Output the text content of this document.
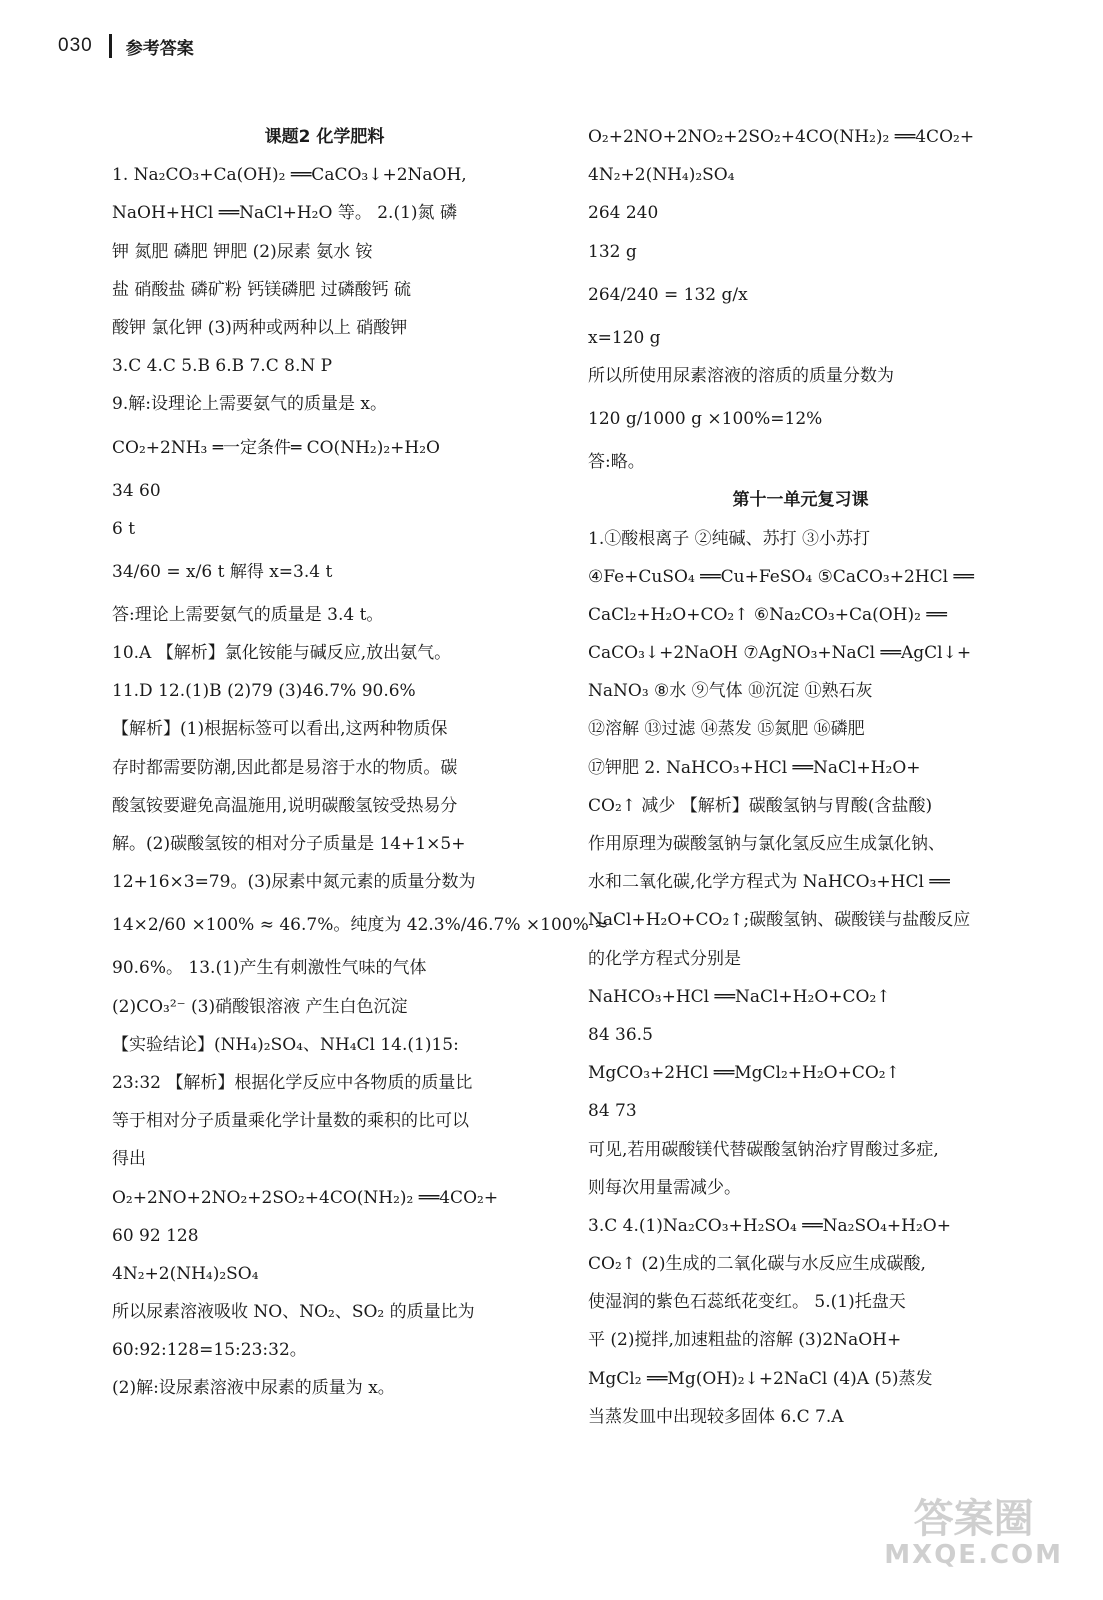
030 参考答案
课题2 化学肥料
1. Na₂CO₃+Ca(OH)₂ ══CaCO₃↓+2NaOH,
NaOH+HCl ══NaCl+H₂O 等。 2.(1)氮 磷
钾 氮肥 磷肥 钾肥 (2)尿素 氨水 铵
盐 硝酸盐 磷矿粉 钙镁磷肥 过磷酸钙 硫
酸钾 氯化钾 (3)两种或两种以上 硝酸钾
3.C 4.C 5.B 6.B 7.C 8.N P
9.解:设理论上需要氨气的质量是 x。
CO₂+2NH₃ ═一定条件═ CO(NH₂)₂+H₂O
34 60
6 t
34/60 = x/6 t 解得 x=3.4 t
答:理论上需要氨气的质量是 3.4 t。
10.A 【解析】氯化铵能与碱反应,放出氨气。
11.D 12.(1)B (2)79 (3)46.7% 90.6%
【解析】(1)根据标签可以看出,这两种物质保
存时都需要防潮,因此都是易溶于水的物质。碳
酸氢铵要避免高温施用,说明碳酸氢铵受热易分
解。(2)碳酸氢铵的相对分子质量是 14+1×5+
12+16×3=79。(3)尿素中氮元素的质量分数为
14×2/60 ×100% ≈ 46.7%。纯度为 42.3%/46.7% ×100% ≈
90.6%。 13.(1)产生有刺激性气味的气体
(2)CO₃²⁻ (3)硝酸银溶液 产生白色沉淀
【实验结论】(NH₄)₂SO₄、NH₄Cl 14.(1)15:
23:32 【解析】根据化学反应中各物质的质量比
等于相对分子质量乘化学计量数的乘积的比可以
得出
O₂+2NO+2NO₂+2SO₂+4CO(NH₂)₂ ══4CO₂+
60 92 128
4N₂+2(NH₄)₂SO₄
所以尿素溶液吸收 NO、NO₂、SO₂ 的质量比为
60:92:128=15:23:32。
(2)解:设尿素溶液中尿素的质量为 x。
O₂+2NO+2NO₂+2SO₂+4CO(NH₂)₂ ══4CO₂+
4N₂+2(NH₄)₂SO₄
264 240
132 g
264/240 = 132 g/x
x=120 g
所以所使用尿素溶液的溶质的质量分数为
120 g/1000 g ×100%=12%
答:略。
第十一单元复习课
1.①酸根离子 ②纯碱、苏打 ③小苏打
④Fe+CuSO₄ ══Cu+FeSO₄ ⑤CaCO₃+2HCl ══
CaCl₂+H₂O+CO₂↑ ⑥Na₂CO₃+Ca(OH)₂ ══
CaCO₃↓+2NaOH ⑦AgNO₃+NaCl ══AgCl↓+
NaNO₃ ⑧水 ⑨气体 ⑩沉淀 ⑪熟石灰
⑫溶解 ⑬过滤 ⑭蒸发 ⑮氮肥 ⑯磷肥
⑰钾肥 2. NaHCO₃+HCl ══NaCl+H₂O+
CO₂↑ 减少 【解析】碳酸氢钠与胃酸(含盐酸)
作用原理为碳酸氢钠与氯化氢反应生成氯化钠、
水和二氧化碳,化学方程式为 NaHCO₃+HCl ══
NaCl+H₂O+CO₂↑;碳酸氢钠、碳酸镁与盐酸反应
的化学方程式分别是
NaHCO₃+HCl ══NaCl+H₂O+CO₂↑
84 36.5
MgCO₃+2HCl ══MgCl₂+H₂O+CO₂↑
84 73
可见,若用碳酸镁代替碳酸氢钠治疗胃酸过多症,
则每次用量需减少。
3.C 4.(1)Na₂CO₃+H₂SO₄ ══Na₂SO₄+H₂O+
CO₂↑ (2)生成的二氧化碳与水反应生成碳酸,
使湿润的紫色石蕊纸花变红。 5.(1)托盘天
平 (2)搅拌,加速粗盐的溶解 (3)2NaOH+
MgCl₂ ══Mg(OH)₂↓+2NaCl (4)A (5)蒸发
当蒸发皿中出现较多固体 6.C 7.A
答案圈
MXQE.COM
